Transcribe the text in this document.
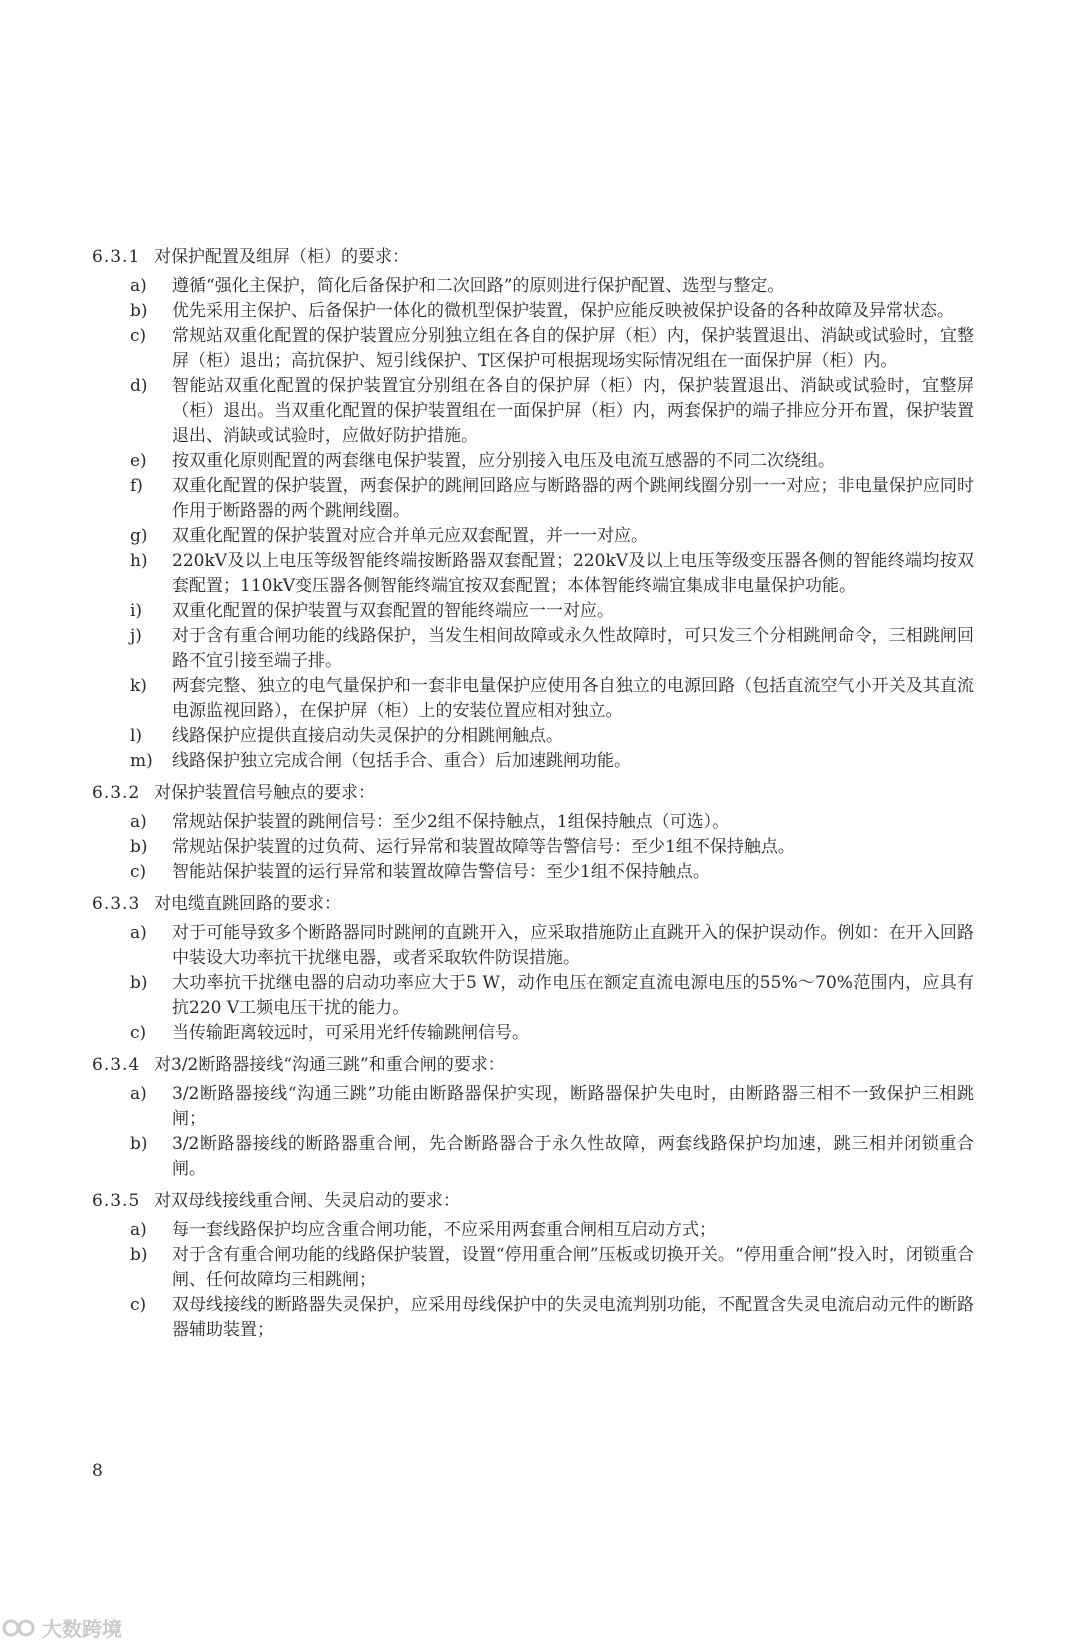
6.3.1 对保护配置及组屏（柜）的要求：
a)	遵循“强化主保护，简化后备保护和二次回路”的原则进行保护配置、选型与整定。
b)	优先采用主保护、后备保护一体化的微机型保护装置，保护应能反映被保护设备的各种故障及异常状态。
c)	常规站双重化配置的保护装置应分别独立组在各自的保护屏（柜）内，保护装置退出、消缺或试验时，宜整屏（柜）退出；高抗保护、短引线保护、T区保护可根据现场实际情况组在一面保护屏（柜）内。
d)	智能站双重化配置的保护装置宜分别组在各自的保护屏（柜）内，保护装置退出、消缺或试验时，宜整屏（柜）退出。当双重化配置的保护装置组在一面保护屏（柜）内，两套保护的端子排应分开布置，保护装置退出、消缺或试验时，应做好防护措施。
e)	按双重化原则配置的两套继电保护装置，应分别接入电压及电流互感器的不同二次绕组。
f)	双重化配置的保护装置，两套保护的跳闸回路应与断路器的两个跳闸线圈分别一一对应；非电量保护应同时作用于断路器的两个跳闸线圈。
g)	双重化配置的保护装置对应合并单元应双套配置，并一一对应。
h)	220kV及以上电压等级智能终端按断路器双套配置；220kV及以上电压等级变压器各侧的智能终端均按双套配置；110kV变压器各侧智能终端宜按双套配置；本体智能终端宜集成非电量保护功能。
i)	双重化配置的保护装置与双套配置的智能终端应一一对应。
j)	对于含有重合闸功能的线路保护，当发生相间故障或永久性故障时，可只发三个分相跳闸命令，三相跳闸回路不宜引接至端子排。
k)	两套完整、独立的电气量保护和一套非电量保护应使用各自独立的电源回路（包括直流空气小开关及其直流电源监视回路），在保护屏（柜）上的安装位置应相对独立。
l)	线路保护应提供直接启动失灵保护的分相跳闸触点。
m)	线路保护独立完成合闸（包括手合、重合）后加速跳闸功能。
6.3.2 对保护装置信号触点的要求：
a)	常规站保护装置的跳闸信号：至少2组不保持触点，1组保持触点（可选）。
b)	常规站保护装置的过负荷、运行异常和装置故障等告警信号：至少1组不保持触点。
c)	智能站保护装置的运行异常和装置故障告警信号：至少1组不保持触点。
6.3.3 对电缆直跳回路的要求：
a)	对于可能导致多个断路器同时跳闸的直跳开入，应采取措施防止直跳开入的保护误动作。例如：在开入回路中装设大功率抗干扰继电器，或者采取软件防误措施。
b)	大功率抗干扰继电器的启动功率应大于5 W，动作电压在额定直流电源电压的55%～70%范围内，应具有抗220 V工频电压干扰的能力。
c)	当传输距离较远时，可采用光纤传输跳闸信号。
6.3.4 对3/2断路器接线“沟通三跳”和重合闸的要求：
a)	3/2断路器接线“沟通三跳”功能由断路器保护实现，断路器保护失电时，由断路器三相不一致保护三相跳闸；
b)	3/2断路器接线的断路器重合闸，先合断路器合于永久性故障，两套线路保护均加速，跳三相并闭锁重合闸。
6.3.5 对双母线接线重合闸、失灵启动的要求：
a)	每一套线路保护均应含重合闸功能，不应采用两套重合闸相互启动方式；
b)	对于含有重合闸功能的线路保护装置，设置“停用重合闸”压板或切换开关。“停用重合闸”投入时，闭锁重合闸、任何故障均三相跳闸；
c)	双母线接线的断路器失灵保护，应采用母线保护中的失灵电流判别功能，不配置含失灵电流启动元件的断路器辅助装置；
8
大数跨境
